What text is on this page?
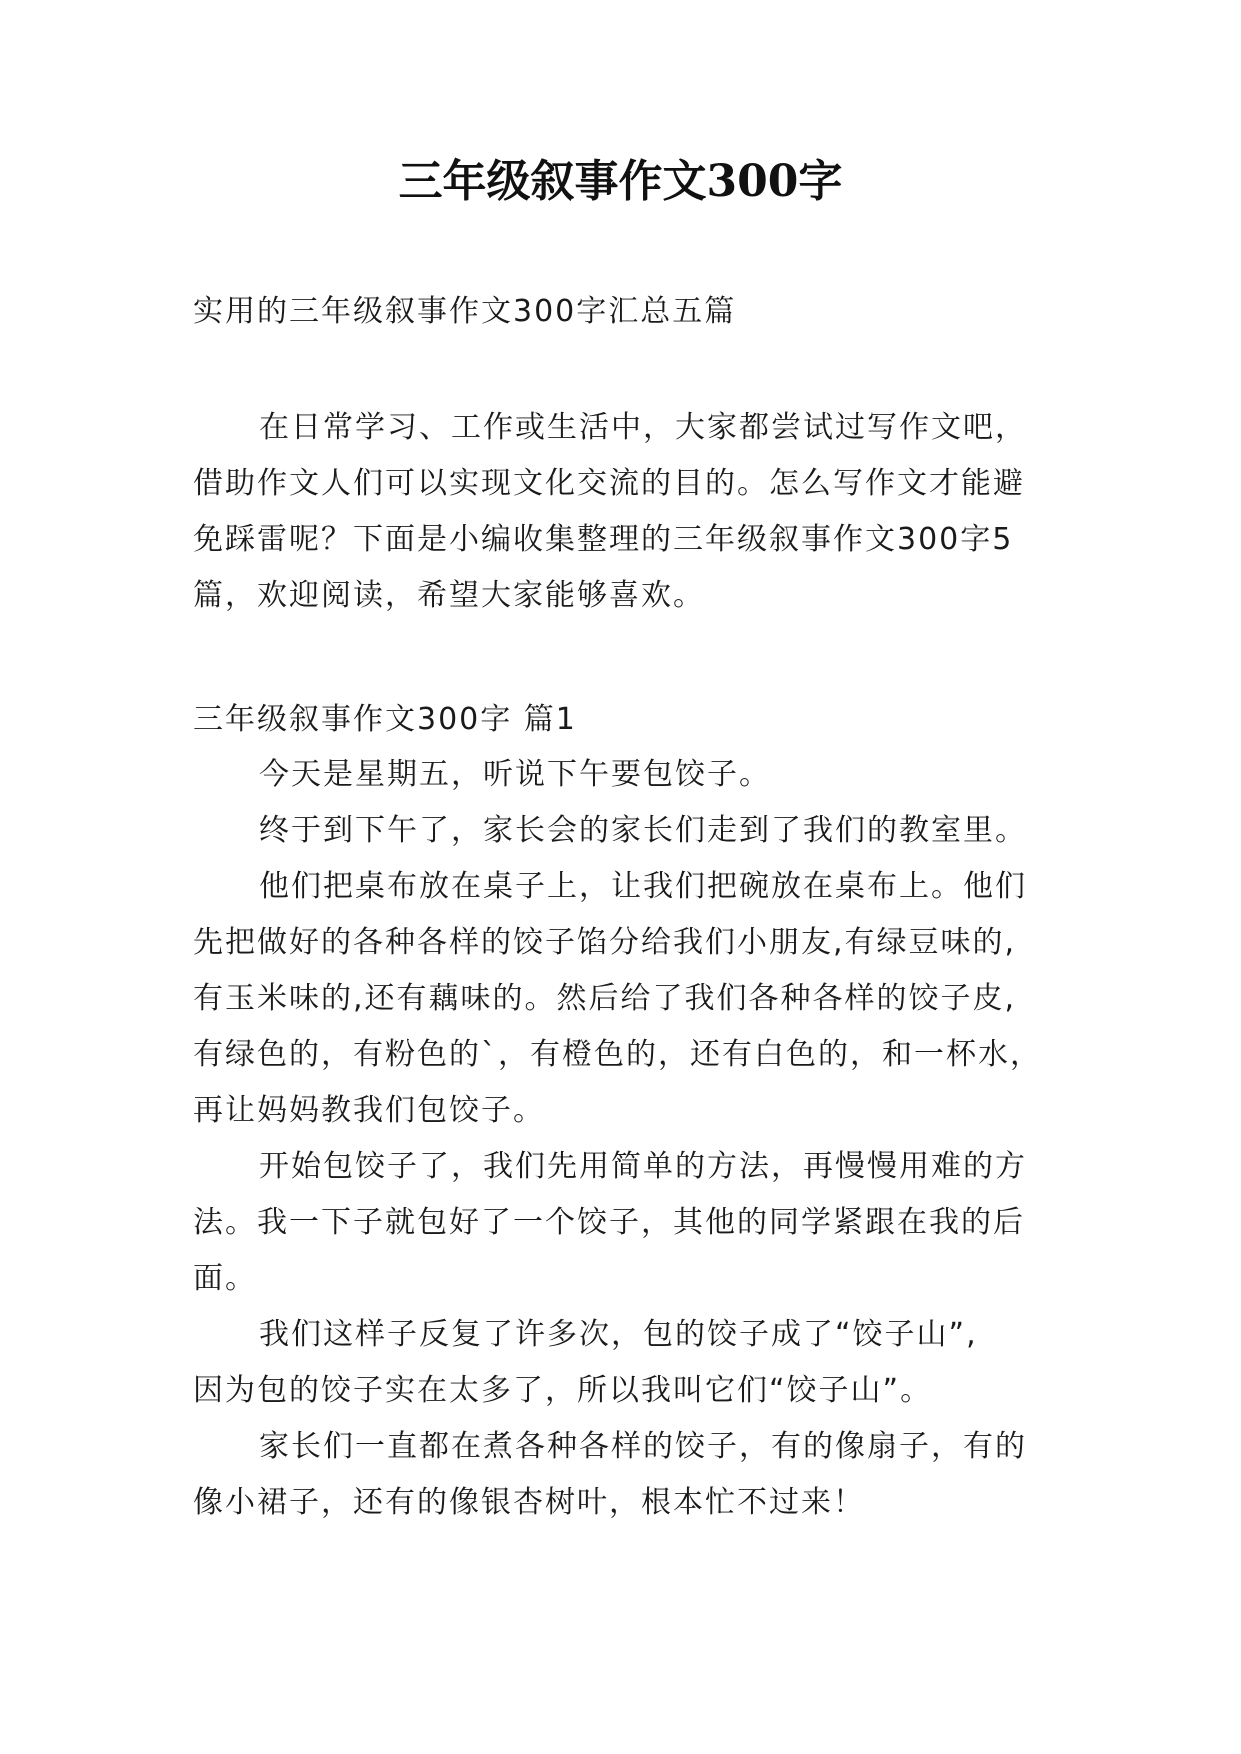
三年级叙事作文300字
实用的三年级叙事作文300字汇总五篇
在日常学习、工作或生活中，大家都尝试过写作文吧，
借助作文人们可以实现文化交流的目的。怎么写作文才能避
免踩雷呢？下面是小编收集整理的三年级叙事作文300字5
篇，欢迎阅读，希望大家能够喜欢。
三年级叙事作文300字 篇1
今天是星期五，听说下午要包饺子。
终于到下午了，家长会的家长们走到了我们的教室里。
他们把桌布放在桌子上，让我们把碗放在桌布上。他们
先把做好的各种各样的饺子馅分给我们小朋友,有绿豆味的,
有玉米味的,还有藕味的。然后给了我们各种各样的饺子皮,
有绿色的，有粉色的`，有橙色的，还有白色的，和一杯水，
再让妈妈教我们包饺子。
开始包饺子了，我们先用简单的方法，再慢慢用难的方
法。我一下子就包好了一个饺子，其他的同学紧跟在我的后
面。
我们这样子反复了许多次，包的饺子成了“饺子山”,
因为包的饺子实在太多了，所以我叫它们“饺子山”。
家长们一直都在煮各种各样的饺子，有的像扇子，有的
像小裙子，还有的像银杏树叶，根本忙不过来！
